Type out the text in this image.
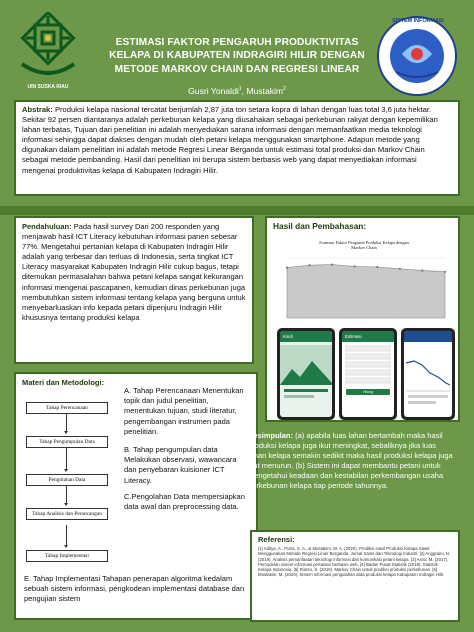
UIN SUSKA RIAU
SISTEM INFORMASI
ESTIMASI FAKTOR PENGARUH PRODUKTIVITAS
KELAPA DI KABUPATEN INDRAGIRI HILIR DENGAN
METODE MARKOV CHAIN DAN REGRESI LINEAR
Gusri Yonaldi$^1$, Mustakim$^2$
Abstrak: Produksi kelapa nasional tercatat berjumlah 2,87 juta ton setara kopra di lahan dengan luas total 3,6 juta hektar. Sekitar 92 persen diantaranya adalah perkebunan kelapa yang diusahakan sebagai perkebunan rakyat dengan kepemilikan lahan terbatas, Tujuan dari penelitian ini adalah menyediakan sarana informasi dengan memanfaatkan media teknologi informasi sehingga dapat diakses dengan mudah oleh petani kelapa menggunakan smartphone. Adapun metode yang digunakan dalam penelitian ini adalah metode Regresi Linear Berganda untuk estimasi total produksi dan Markov Chain sebagai metode pembanding. Hasil dari penelitian ini berupa sistem berbasis web yang dapat menyediakan informasi mengenai produktivitas kelapa di Kabupaten Indragiri Hilir.
Pendahuluan: Pada hasil survey Dari 200 responden yang menjawab hasil ICT Literacy kebutuhan informasi panen sebesar 77%. Mengetahui pertanian kelapa di Kabupaten Indragiri Hilir adalah yang terbesar dan terluas di Indonesia, serta tingkat ICT Literacy masyarakat Kabupaten Indragiri Hilir cukup bagus, tetapi ditemukan permasalahan bahwa petani kelapa sangat kekurangan informasi mengenai pascapanen, kemudian dinas perkebunan juga membutuhkan sistem informasi tentang kelapa yang berguna untuk menyebarluaskan info kepada petani dipenjuru Indragiri Hilir khususnya tentang produksi kelapa
Hasil dan Pembahasan:
Estimasi Faktor Pengaruh Produksi Kelapa dengan
Markov Chain
Kindi	Estimasi
Hitung
Materi dan Metodologi:
Tahap Perencanaan
Tahap Pengumpulan Data
Pengolahan Data
Tahap Analisis dan Perancangan
Tahap Implementasi

A. Tahap Perencanaan Menentukan topik dan judul penelitian, menentukan tujuan, studi literatur, pengembangan instrumen pada penelitian.

B. Tahap pengumpulan data Melakukan observasi, wawancara dan penyebaran kuisioner ICT Literacy.

C.Pengolahan Data mempersiapkan data awal dan preprocessing data.

E. Tahap Implementasi Tahapan penerapan algoritma kedalam sebuah sistem informasi, pengkodean implementasi database dan pengujian sistem

Kesimpulan: (a) apabila luas lahan bertambah maka hasil produksi kelapa juga ikut meningkat, sebaliknya jika luas lahan kelapa semakin sedikit maka hasil produksi kelapa juga ikut menurun. (b) Sistem ini dapat membantu petani untuk mengetahui keadaan dan kestabilan perkembangan usaha perkebunan kelapa tiap periode tahunnya.
Referensi:
[1] Aditya, A., Putra, S. A., & Mustakim, M. A. (2020). Prediksi Hasil Produksi Kelapa Sawit Menggunakan Metode Regresi Linier Berganda. Jurnal Sains dan Teknologi Industri. [2] Anggraini, N. (2019). Analisis pemanfaatan teknologi informasi dan komunikasi petani kelapa. [3] Asrol, M. (2017). Pemodelan sistem informasi pertanian berbasis web. [4] Badan Pusat Statistik (2018). Statistik Kelapa Indonesia. [5] Rianto, S. (2019). Markov Chain untuk prediksi produksi perkebunan. [6] Mustakim, M. (2020). Sistem informasi pengolahan data produksi kelapa Kabupaten Indragiri Hilir.
